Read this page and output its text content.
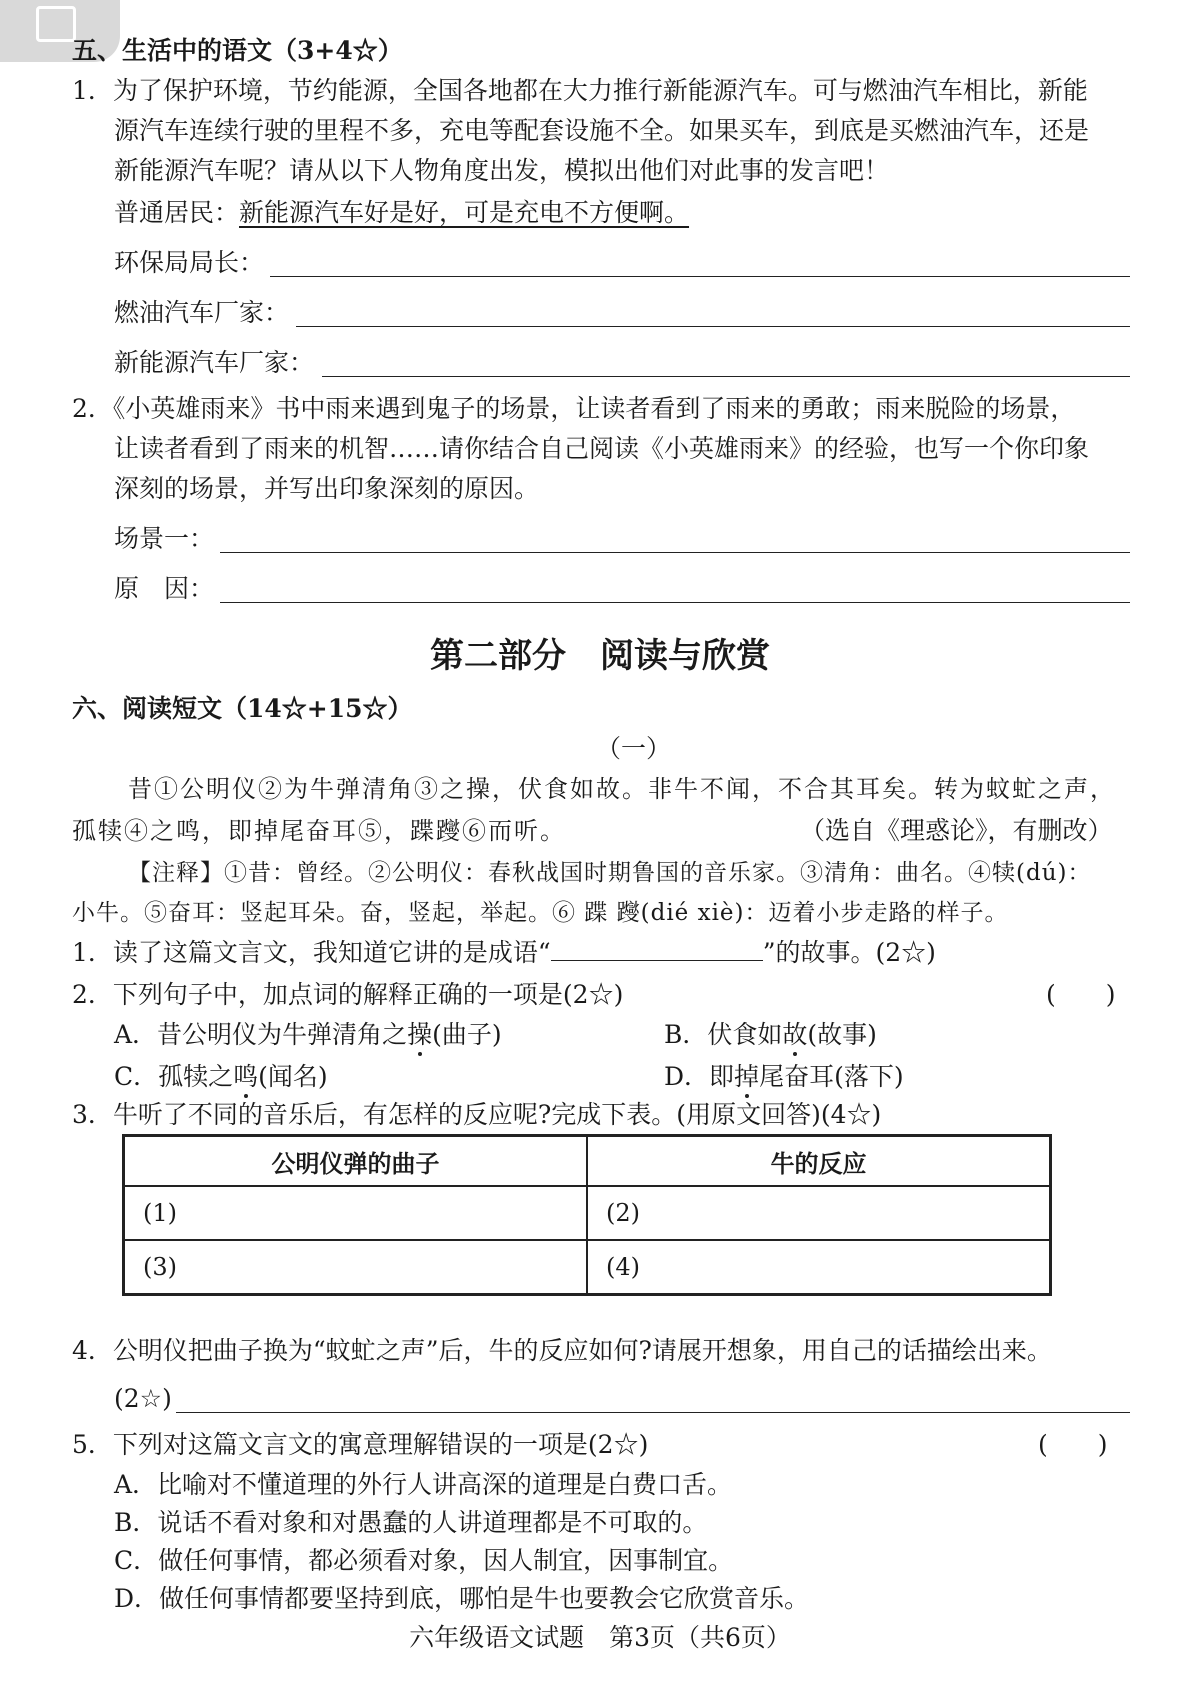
五、生活中的语文（3+4☆）
1．为了保护环境，节约能源，全国各地都在大力推行新能源汽车。可与燃油汽车相比，新能
源汽车连续行驶的里程不多，充电等配套设施不全。如果买车，到底是买燃油汽车，还是
新能源汽车呢？请从以下人物角度出发，模拟出他们对此事的发言吧！
普通居民：新能源汽车好是好，可是充电不方便啊。
环保局局长：
燃油汽车厂家：
新能源汽车厂家：
2．《小英雄雨来》书中雨来遇到鬼子的场景，让读者看到了雨来的勇敢；雨来脱险的场景，
让读者看到了雨来的机智……请你结合自己阅读《小英雄雨来》的经验，也写一个你印象
深刻的场景，并写出印象深刻的原因。
场景一：
原　因：
第二部分　阅读与欣赏
六、阅读短文（14☆+15☆）
（一）
昔①公明仪②为牛弹清角③之操，伏食如故。非牛不闻，不合其耳矣。转为蚊虻之声，
孤犊④之鸣，即掉尾奋耳⑤，蹀躞⑥而听。	（选自《理惑论》，有删改）
【注释】①昔：曾经。②公明仪：春秋战国时期鲁国的音乐家。③清角：曲名。④犊(dú)：
小牛。⑤奋耳：竖起耳朵。奋，竖起，举起。⑥ 蹀 躞(dié xiè)：迈着小步走路的样子。
1．读了这篇文言文，我知道它讲的是成语“	”的故事。(2☆)
2．下列句子中，加点词的解释正确的一项是(2☆)	(　　)
A．昔公明仪为牛弹清角之操(曲子)	B．伏食如故(故事)
C．孤犊之鸣(闻名)	D．即掉尾奋耳(落下)
3．牛听了不同的音乐后，有怎样的反应呢?完成下表。(用原文回答)(4☆)
公明仪弹的曲子	牛的反应
(1)	(2)
(3)	(4)
4．公明仪把曲子换为“蚊虻之声”后，牛的反应如何?请展开想象，用自己的话描绘出来。
(2☆)
5．下列对这篇文言文的寓意理解错误的一项是(2☆)	(　　)
A．比喻对不懂道理的外行人讲高深的道理是白费口舌。
B．说话不看对象和对愚蠢的人讲道理都是不可取的。
C．做任何事情，都必须看对象，因人制宜，因事制宜。
D．做任何事情都要坚持到底，哪怕是牛也要教会它欣赏音乐。
六年级语文试题　第3页（共6页）
